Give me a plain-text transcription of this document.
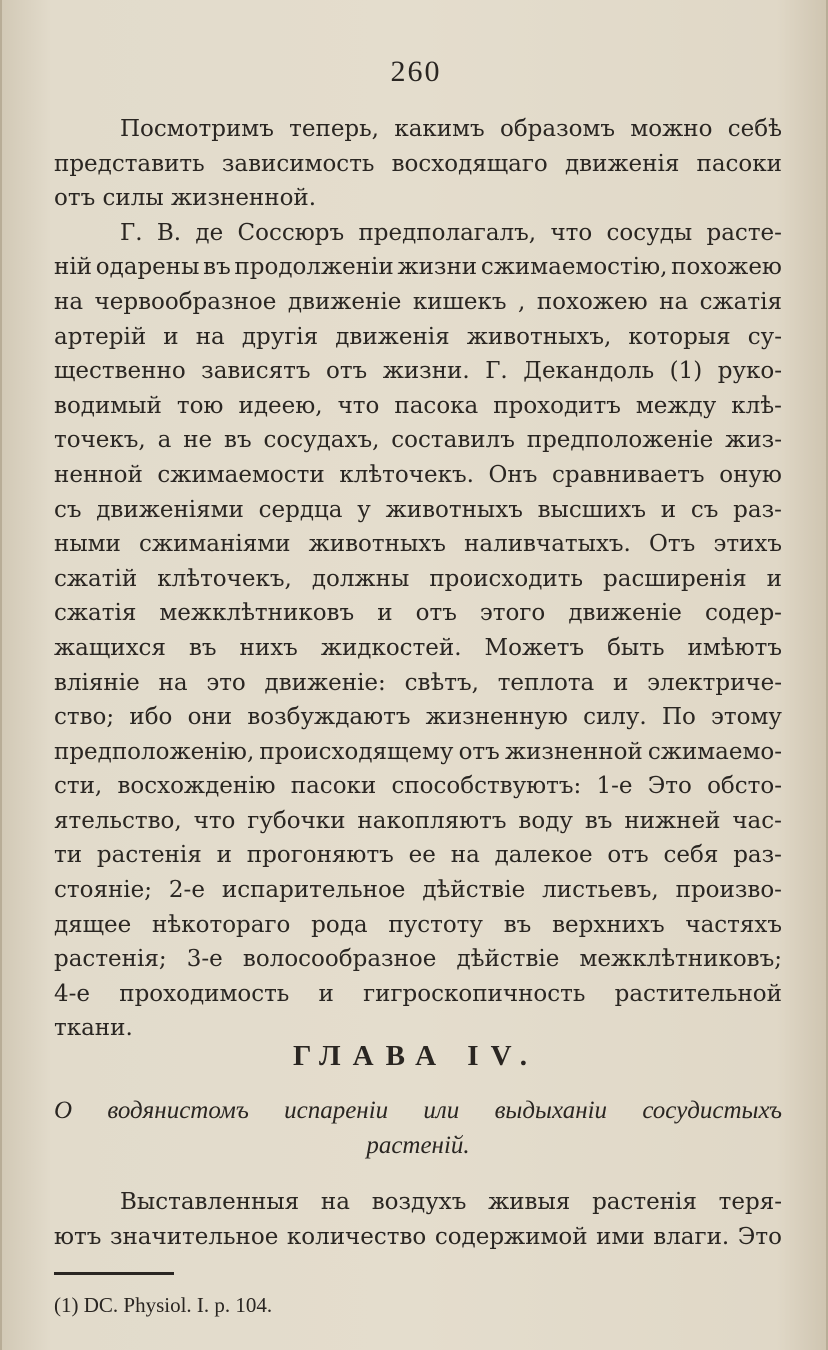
260
Посмотримъ теперь, какимъ образомъ можно себѣ
представить зависимость восходящаго движенія пасоки
отъ силы жизненной.
Г. В. де Соссюръ предполагалъ, что сосуды расте-
ній одарены въ продолженіи жизни сжимаемостію, похожею
на червообразное движеніе кишекъ , похожею на сжатія
артерій и на другія движенія животныхъ, которыя су-
щественно зависятъ отъ жизни. Г. Декандоль (1) руко-
водимый тою идеею, что пасока проходитъ между клѣ-
точекъ, а не въ сосудахъ, составилъ предположеніе жиз-
ненной сжимаемости клѣточекъ. Онъ сравниваетъ оную
съ движеніями сердца у животныхъ высшихъ и съ раз-
ными сжиманіями животныхъ наливчатыхъ. Отъ этихъ
сжатій клѣточекъ, должны происходить расширенія и
сжатія межклѣтниковъ и отъ этого движеніе содер-
жащихся въ нихъ жидкостей. Можетъ быть имѣютъ
вліяніе на это движеніе: свѣтъ, теплота и электриче-
ство; ибо они возбуждаютъ жизненную силу. По этому
предположенію, происходящему отъ жизненной сжимаемо-
сти, восхожденію пасоки способствуютъ: 1-е Это обсто-
ятельство, что губочки накопляютъ воду въ нижней час-
ти растенія и прогоняютъ ее на далекое отъ себя раз-
стояніе; 2-е испарительное дѣйствіе листьевъ, произво-
дящее нѣкотораго рода пустоту въ верхнихъ частяхъ
растенія; 3-е волосообразное дѣйствіе межклѣтниковъ;
4-е проходимость и гигроскопичность растительной
ткани.
ГЛАВА IV.
О водянистомъ испареніи или выдыханіи сосудистыхъ
растеній.
Выставленныя на воздухъ живыя растенія теря-
ютъ значительное количество содержимой ими влаги. Это
(1) DC. Physiol. I. p. 104.
